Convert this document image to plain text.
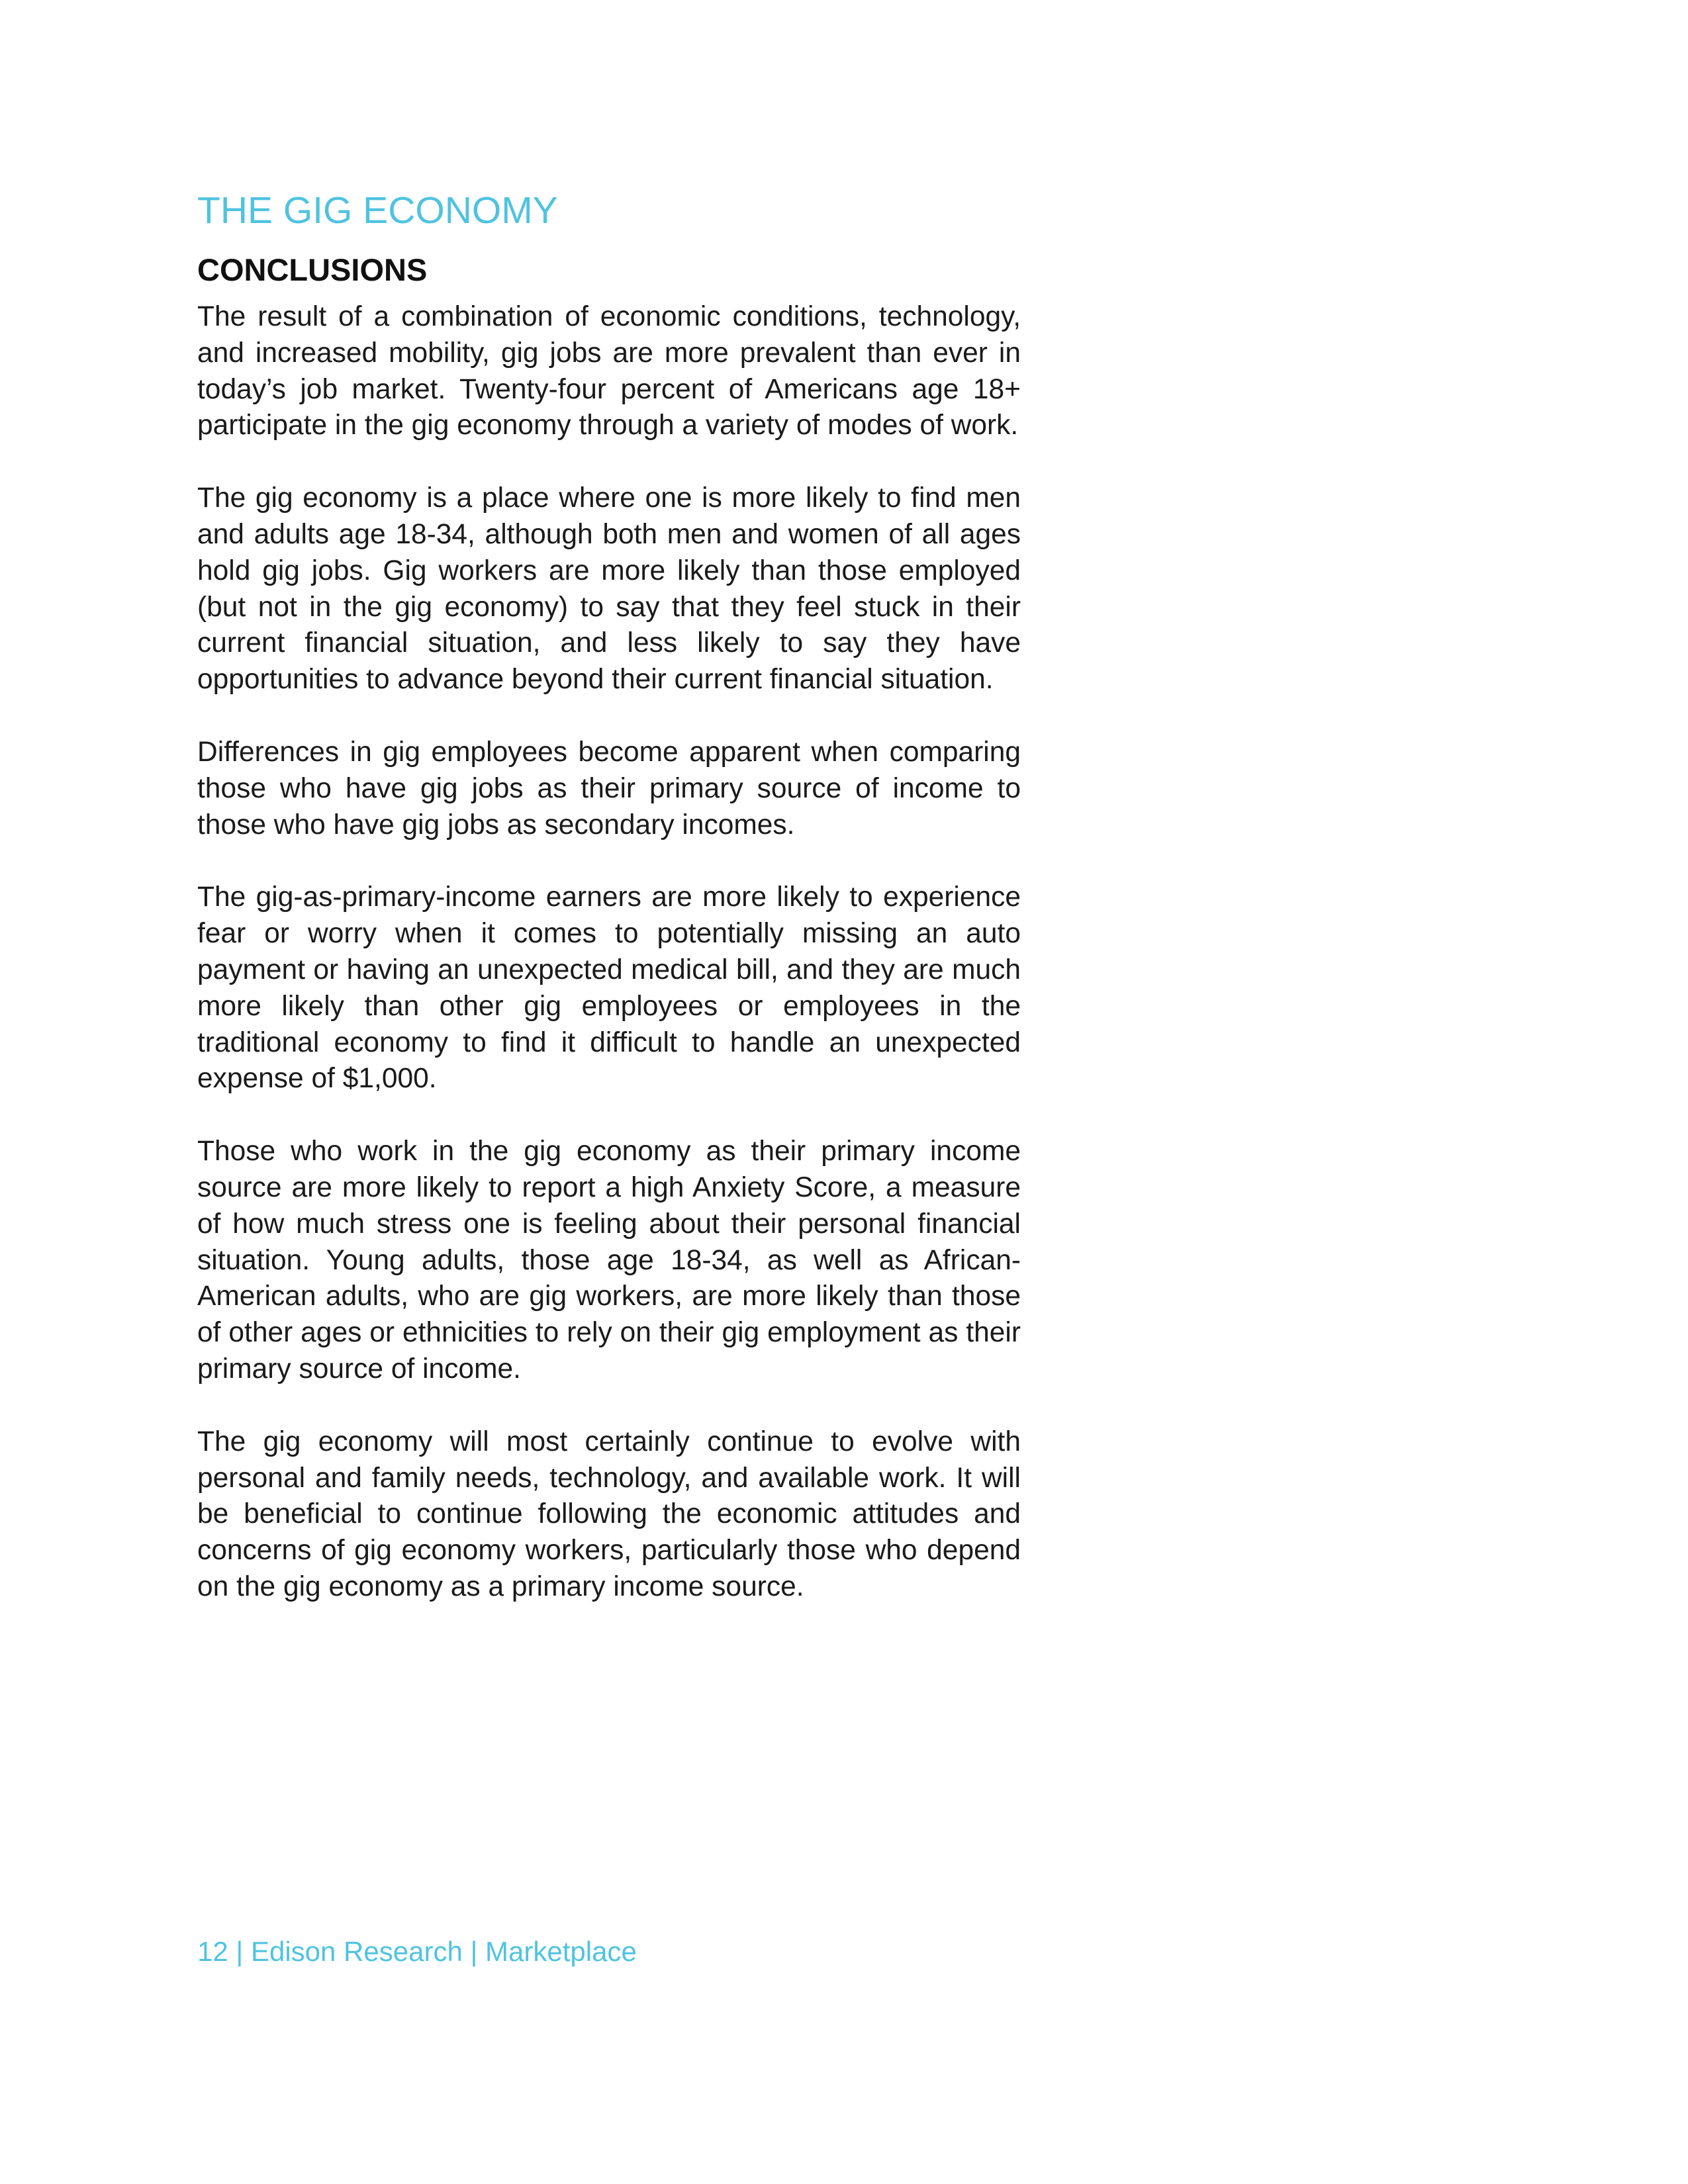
THE GIG ECONOMY
CONCLUSIONS

The result of a combination of economic conditions, technology, and increased mobility, gig jobs are more prevalent than ever in today’s job market. Twenty-four percent of Americans age 18+ participate in the gig economy through a variety of modes of work.

The gig economy is a place where one is more likely to find men and adults age 18-34, although both men and women of all ages hold gig jobs. Gig workers are more likely than those employed (but not in the gig economy) to say that they feel stuck in their current financial situation, and less likely to say they have opportunities to advance beyond their current financial situation.

Differences in gig employees become apparent when comparing those who have gig jobs as their primary source of income to those who have gig jobs as secondary incomes.

The gig-as-primary-income earners are more likely to experience fear or worry when it comes to potentially missing an auto payment or having an unexpected medical bill, and they are much more likely than other gig employees or employees in the traditional economy to find it difficult to handle an unexpected expense of $1,000.

Those who work in the gig economy as their primary income source are more likely to report a high Anxiety Score, a measure of how much stress one is feeling about their personal financial situation. Young adults, those age 18-34, as well as African-American adults, who are gig workers, are more likely than those of other ages or ethnicities to rely on their gig employment as their primary source of income.

The gig economy will most certainly continue to evolve with personal and family needs, technology, and available work. It will be beneficial to continue following the economic attitudes and concerns of gig economy workers, particularly those who depend on the gig economy as a primary income source.

12 | Edison Research | Marketplace
